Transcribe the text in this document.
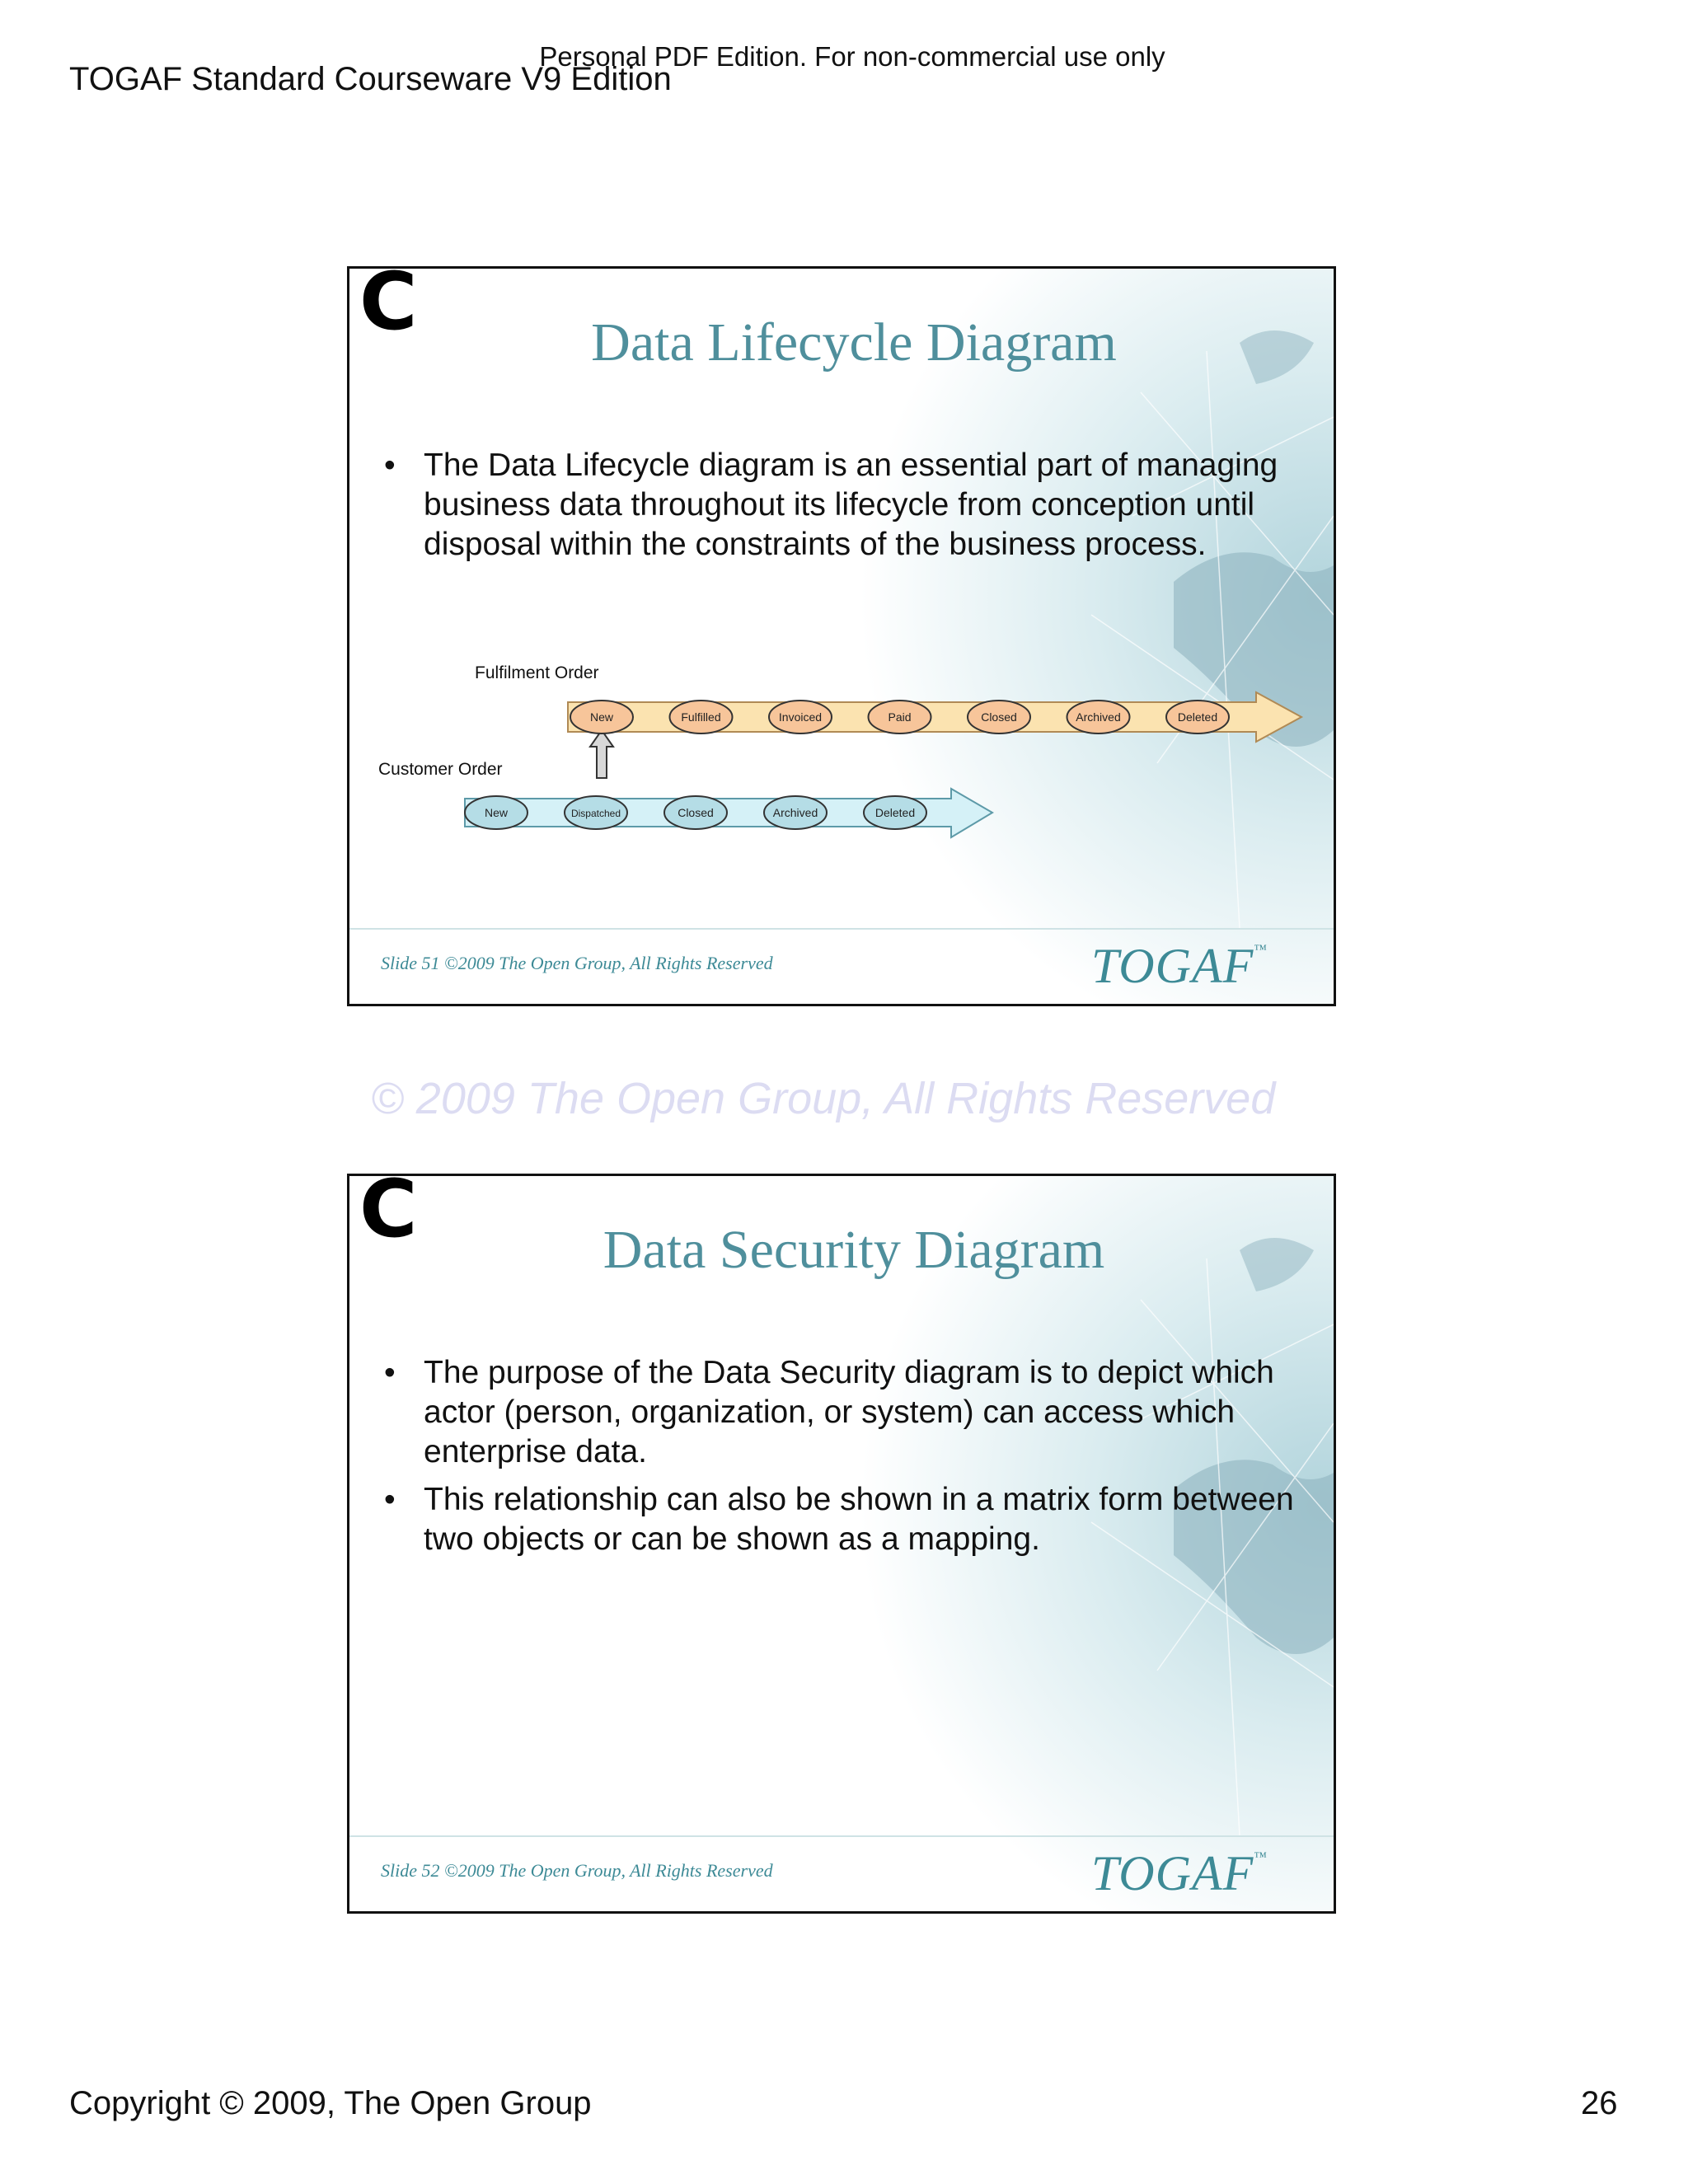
Personal PDF Edition. For non-commercial use only
TOGAF Standard Courseware V9 Edition
C	Data Lifecycle Diagram
• The Data Lifecycle diagram is an essential part of managing business data throughout its lifecycle from conception until disposal within the constraints of the business process.
Fulfilment Order
Customer Order
New	Fulfilled	Invoiced	Paid	Closed	Archived	Deleted
New	Dispatched	Closed	Archived	Deleted
Slide 51 ©2009 The Open Group, All Rights Reserved	TOGAF™
© 2009 The Open Group, All Rights Reserved
C	Data Security Diagram
• The purpose of the Data Security diagram is to depict which actor (person, organization, or system) can access which enterprise data.
• This relationship can also be shown in a matrix form between two objects or can be shown as a mapping.
Slide 52 ©2009 The Open Group, All Rights Reserved	TOGAF™
Copyright © 2009, The Open Group	26
